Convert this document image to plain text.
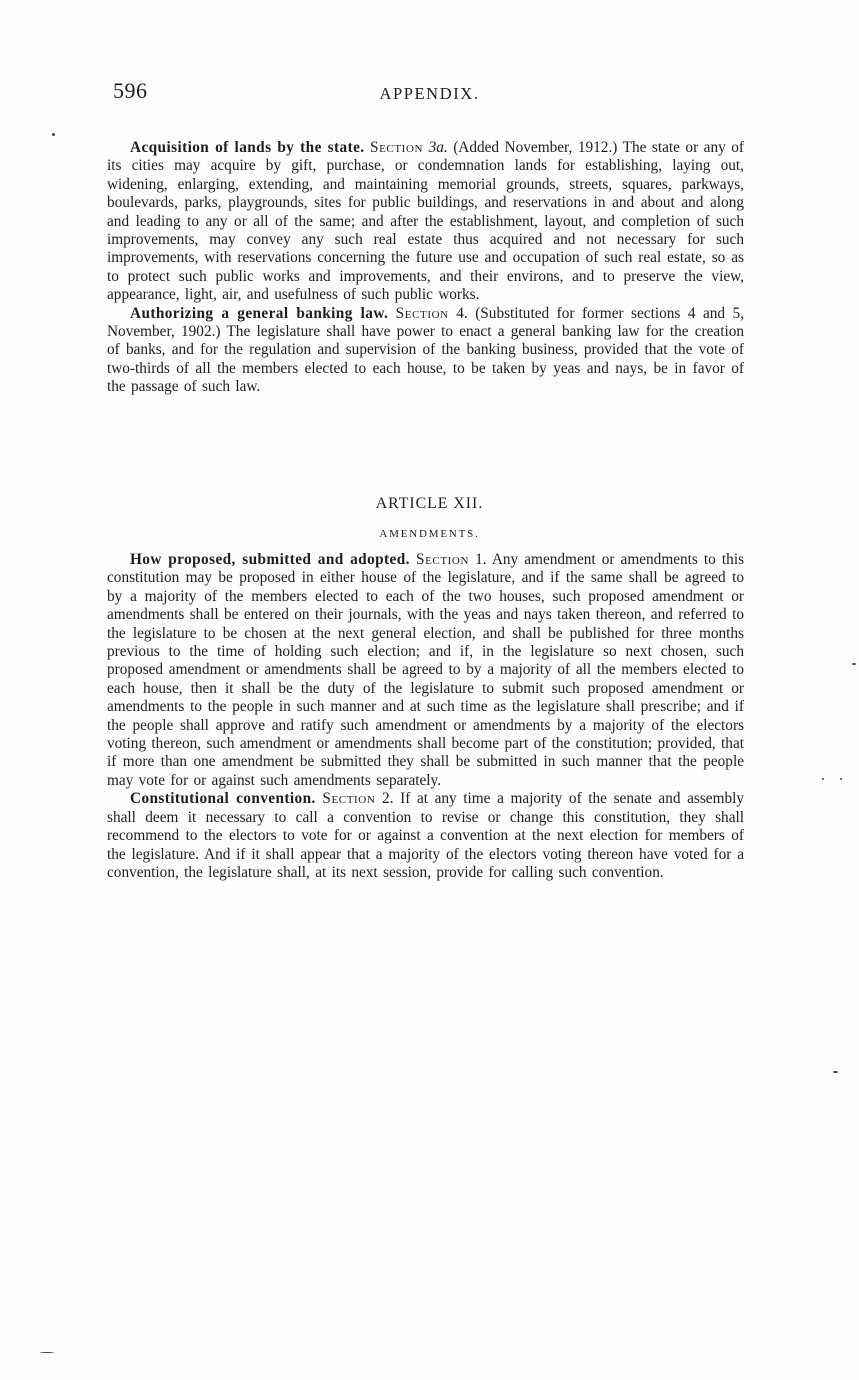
596	APPENDIX.

Acquisition of lands by the state. Section 3a. (Added November, 1912.) The state or any of its cities may acquire by gift, purchase, or condemnation lands for establishing, laying out, widening, enlarging, extending, and maintaining memorial grounds, streets, squares, parkways, boulevards, parks, playgrounds, sites for public buildings, and reservations in and about and along and leading to any or all of the same; and after the establishment, layout, and completion of such improvements, may convey any such real estate thus acquired and not necessary for such improvements, with reservations concerning the future use and occupation of such real estate, so as to protect such public works and improvements, and their environs, and to preserve the view, appearance, light, air, and usefulness of such public works.

Authorizing a general banking law. Section 4. (Substituted for former sections 4 and 5, November, 1902.) The legislature shall have power to enact a general banking law for the creation of banks, and for the regulation and supervision of the banking business, provided that the vote of two-thirds of all the members elected to each house, to be taken by yeas and nays, be in favor of the passage of such law.

ARTICLE XII.
AMENDMENTS.

How proposed, submitted and adopted. Section 1. Any amendment or amendments to this constitution may be proposed in either house of the legislature, and if the same shall be agreed to by a majority of the members elected to each of the two houses, such proposed amendment or amendments shall be entered on their journals, with the yeas and nays taken thereon, and referred to the legislature to be chosen at the next general election, and shall be published for three months previous to the time of holding such election; and if, in the legislature so next chosen, such proposed amendment or amendments shall be agreed to by a majority of all the members elected to each house, then it shall be the duty of the legislature to submit such proposed amendment or amendments to the people in such manner and at such time as the legislature shall prescribe; and if the people shall approve and ratify such amendment or amendments by a majority of the electors voting thereon, such amendment or amendments shall become part of the constitution; provided, that if more than one amendment be submitted they shall be submitted in such manner that the people may vote for or against such amendments separately.

Constitutional convention. Section 2. If at any time a majority of the senate and assembly shall deem it necessary to call a convention to revise or change this constitution, they shall recommend to the electors to vote for or against a convention at the next election for members of the legislature. And if it shall appear that a majority of the electors voting thereon have voted for a convention, the legislature shall, at its next session, provide for calling such convention.
